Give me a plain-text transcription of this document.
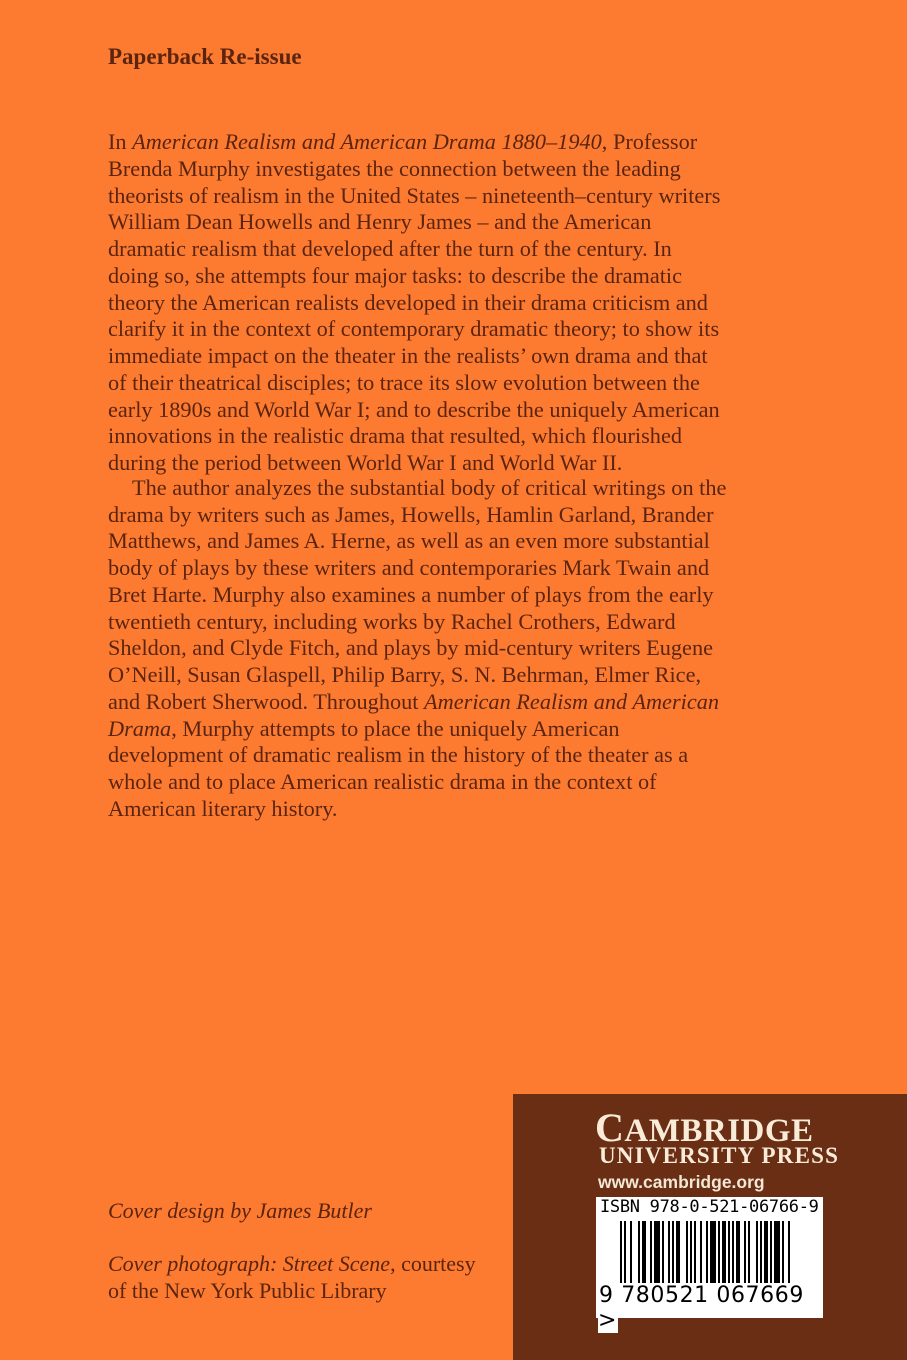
Paperback Re-issue
In American Realism and American Drama 1880–1940, Professor
Brenda Murphy investigates the connection between the leading
theorists of realism in the United States – nineteenth–century writers
William Dean Howells and Henry James – and the American
dramatic realism that developed after the turn of the century. In
doing so, she attempts four major tasks: to describe the dramatic
theory the American realists developed in their drama criticism and
clarify it in the context of contemporary dramatic theory; to show its
immediate impact on the theater in the realists’ own drama and that
of their theatrical disciples; to trace its slow evolution between the
early 1890s and World War I; and to describe the uniquely American
innovations in the realistic drama that resulted, which flourished
during the period between World War I and World War II.
The author analyzes the substantial body of critical writings on the
drama by writers such as James, Howells, Hamlin Garland, Brander
Matthews, and James A. Herne, as well as an even more substantial
body of plays by these writers and contemporaries Mark Twain and
Bret Harte. Murphy also examines a number of plays from the early
twentieth century, including works by Rachel Crothers, Edward
Sheldon, and Clyde Fitch, and plays by mid-century writers Eugene
O’Neill, Susan Glaspell, Philip Barry, S. N. Behrman, Elmer Rice,
and Robert Sherwood. Throughout American Realism and American
Drama, Murphy attempts to place the uniquely American
development of dramatic realism in the history of the theater as a
whole and to place American realistic drama in the context of
American literary history.
Cover design by James Butler
Cover photograph: Street Scene, courtesy
of the New York Public Library
CAMBRIDGE
UNIVERSITY PRESS
www.cambridge.org
ISBN 978-0-521-06766-9
9 780521 067669 >
